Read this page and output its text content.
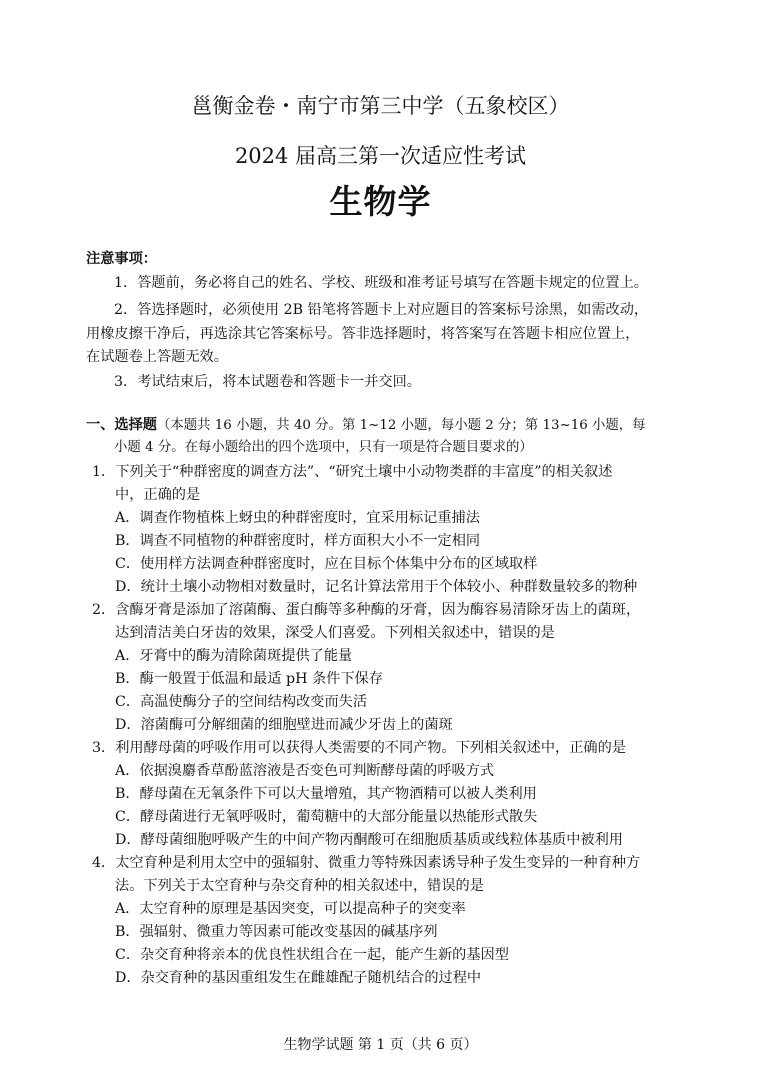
邕衡金卷・南宁市第三中学（五象校区）
2024 届高三第一次适应性考试
生物学
注意事项：
1．答题前，务必将自己的姓名、学校、班级和准考证号填写在答题卡规定的位置上。
2．答选择题时，必须使用 2B 铅笔将答题卡上对应题目的答案标号涂黑，如需改动，
用橡皮擦干净后，再选涂其它答案标号。答非选择题时，将答案写在答题卡相应位置上，
在试题卷上答题无效。
3．考试结束后，将本试题卷和答题卡一并交回。
一、选择题（本题共 16 小题，共 40 分。第 1~12 小题，每小题 2 分；第 13~16 小题，每
小题 4 分。在每小题给出的四个选项中，只有一项是符合题目要求的）
1．下列关于“种群密度的调查方法”、“研究土壤中小动物类群的丰富度”的相关叙述
中，正确的是
A．调查作物植株上蚜虫的种群密度时，宜采用标记重捕法
B．调查不同植物的种群密度时，样方面积大小不一定相同
C．使用样方法调查种群密度时，应在目标个体集中分布的区域取样
D．统计土壤小动物相对数量时，记名计算法常用于个体较小、种群数量较多的物种
2．含酶牙膏是添加了溶菌酶、蛋白酶等多种酶的牙膏，因为酶容易清除牙齿上的菌斑，
达到清洁美白牙齿的效果，深受人们喜爱。下列相关叙述中，错误的是
A．牙膏中的酶为清除菌斑提供了能量
B．酶一般置于低温和最适 pH 条件下保存
C．高温使酶分子的空间结构改变而失活
D．溶菌酶可分解细菌的细胞壁进而减少牙齿上的菌斑
3．利用酵母菌的呼吸作用可以获得人类需要的不同产物。下列相关叙述中，正确的是
A．依据溴麝香草酚蓝溶液是否变色可判断酵母菌的呼吸方式
B．酵母菌在无氧条件下可以大量增殖，其产物酒精可以被人类利用
C．酵母菌进行无氧呼吸时，葡萄糖中的大部分能量以热能形式散失
D．酵母菌细胞呼吸产生的中间产物丙酮酸可在细胞质基质或线粒体基质中被利用
4．太空育种是利用太空中的强辐射、微重力等特殊因素诱导种子发生变异的一种育种方
法。下列关于太空育种与杂交育种的相关叙述中，错误的是
A．太空育种的原理是基因突变，可以提高种子的突变率
B．强辐射、微重力等因素可能改变基因的碱基序列
C．杂交育种将亲本的优良性状组合在一起，能产生新的基因型
D．杂交育种的基因重组发生在雌雄配子随机结合的过程中
生物学试题 第 1 页（共 6 页）
